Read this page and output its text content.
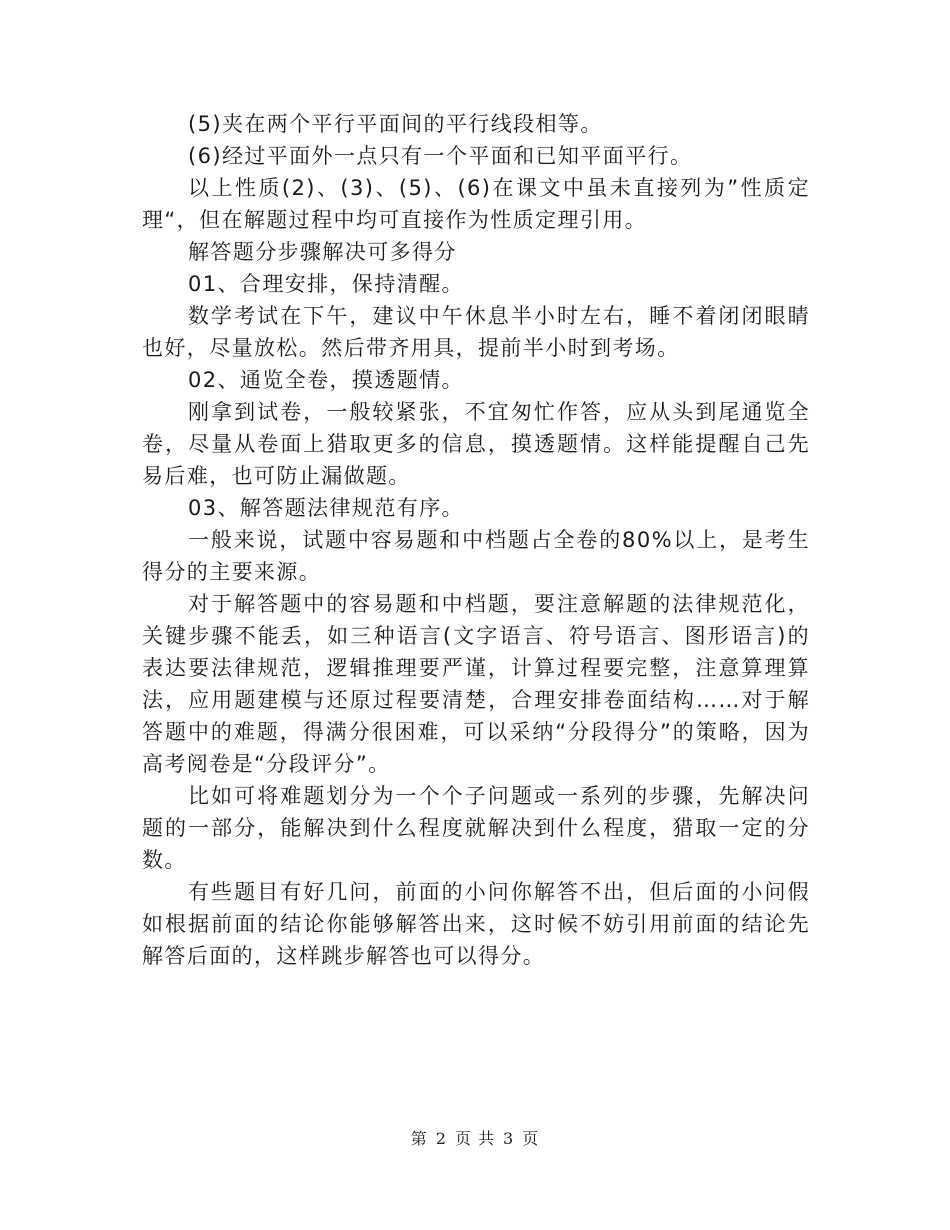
(5)夹在两个平行平面间的平行线段相等。

(6)经过平面外一点只有一个平面和已知平面平行。

以上性质(2)、(3)、(5)、(6)在课文中虽未直接列为”性质定理“，但在解题过程中均可直接作为性质定理引用。

解答题分步骤解决可多得分

01、合理安排，保持清醒。

数学考试在下午，建议中午休息半小时左右，睡不着闭闭眼睛也好，尽量放松。然后带齐用具，提前半小时到考场。

02、通览全卷，摸透题情。

刚拿到试卷，一般较紧张，不宜匆忙作答，应从头到尾通览全卷，尽量从卷面上猎取更多的信息，摸透题情。这样能提醒自己先易后难，也可防止漏做题。

03、解答题法律规范有序。

一般来说，试题中容易题和中档题占全卷的80%以上，是考生得分的主要来源。

对于解答题中的容易题和中档题，要注意解题的法律规范化，关键步骤不能丢，如三种语言(文字语言、符号语言、图形语言)的表达要法律规范，逻辑推理要严谨，计算过程要完整，注意算理算法，应用题建模与还原过程要清楚，合理安排卷面结构……对于解答题中的难题，得满分很困难，可以采纳“分段得分”的策略，因为高考阅卷是“分段评分”。

比如可将难题划分为一个个子问题或一系列的步骤，先解决问题的一部分，能解决到什么程度就解决到什么程度，猎取一定的分数。

有些题目有好几问，前面的小问你解答不出，但后面的小问假如根据前面的结论你能够解答出来，这时候不妨引用前面的结论先解答后面的，这样跳步解答也可以得分。

第 2 页 共 3 页
